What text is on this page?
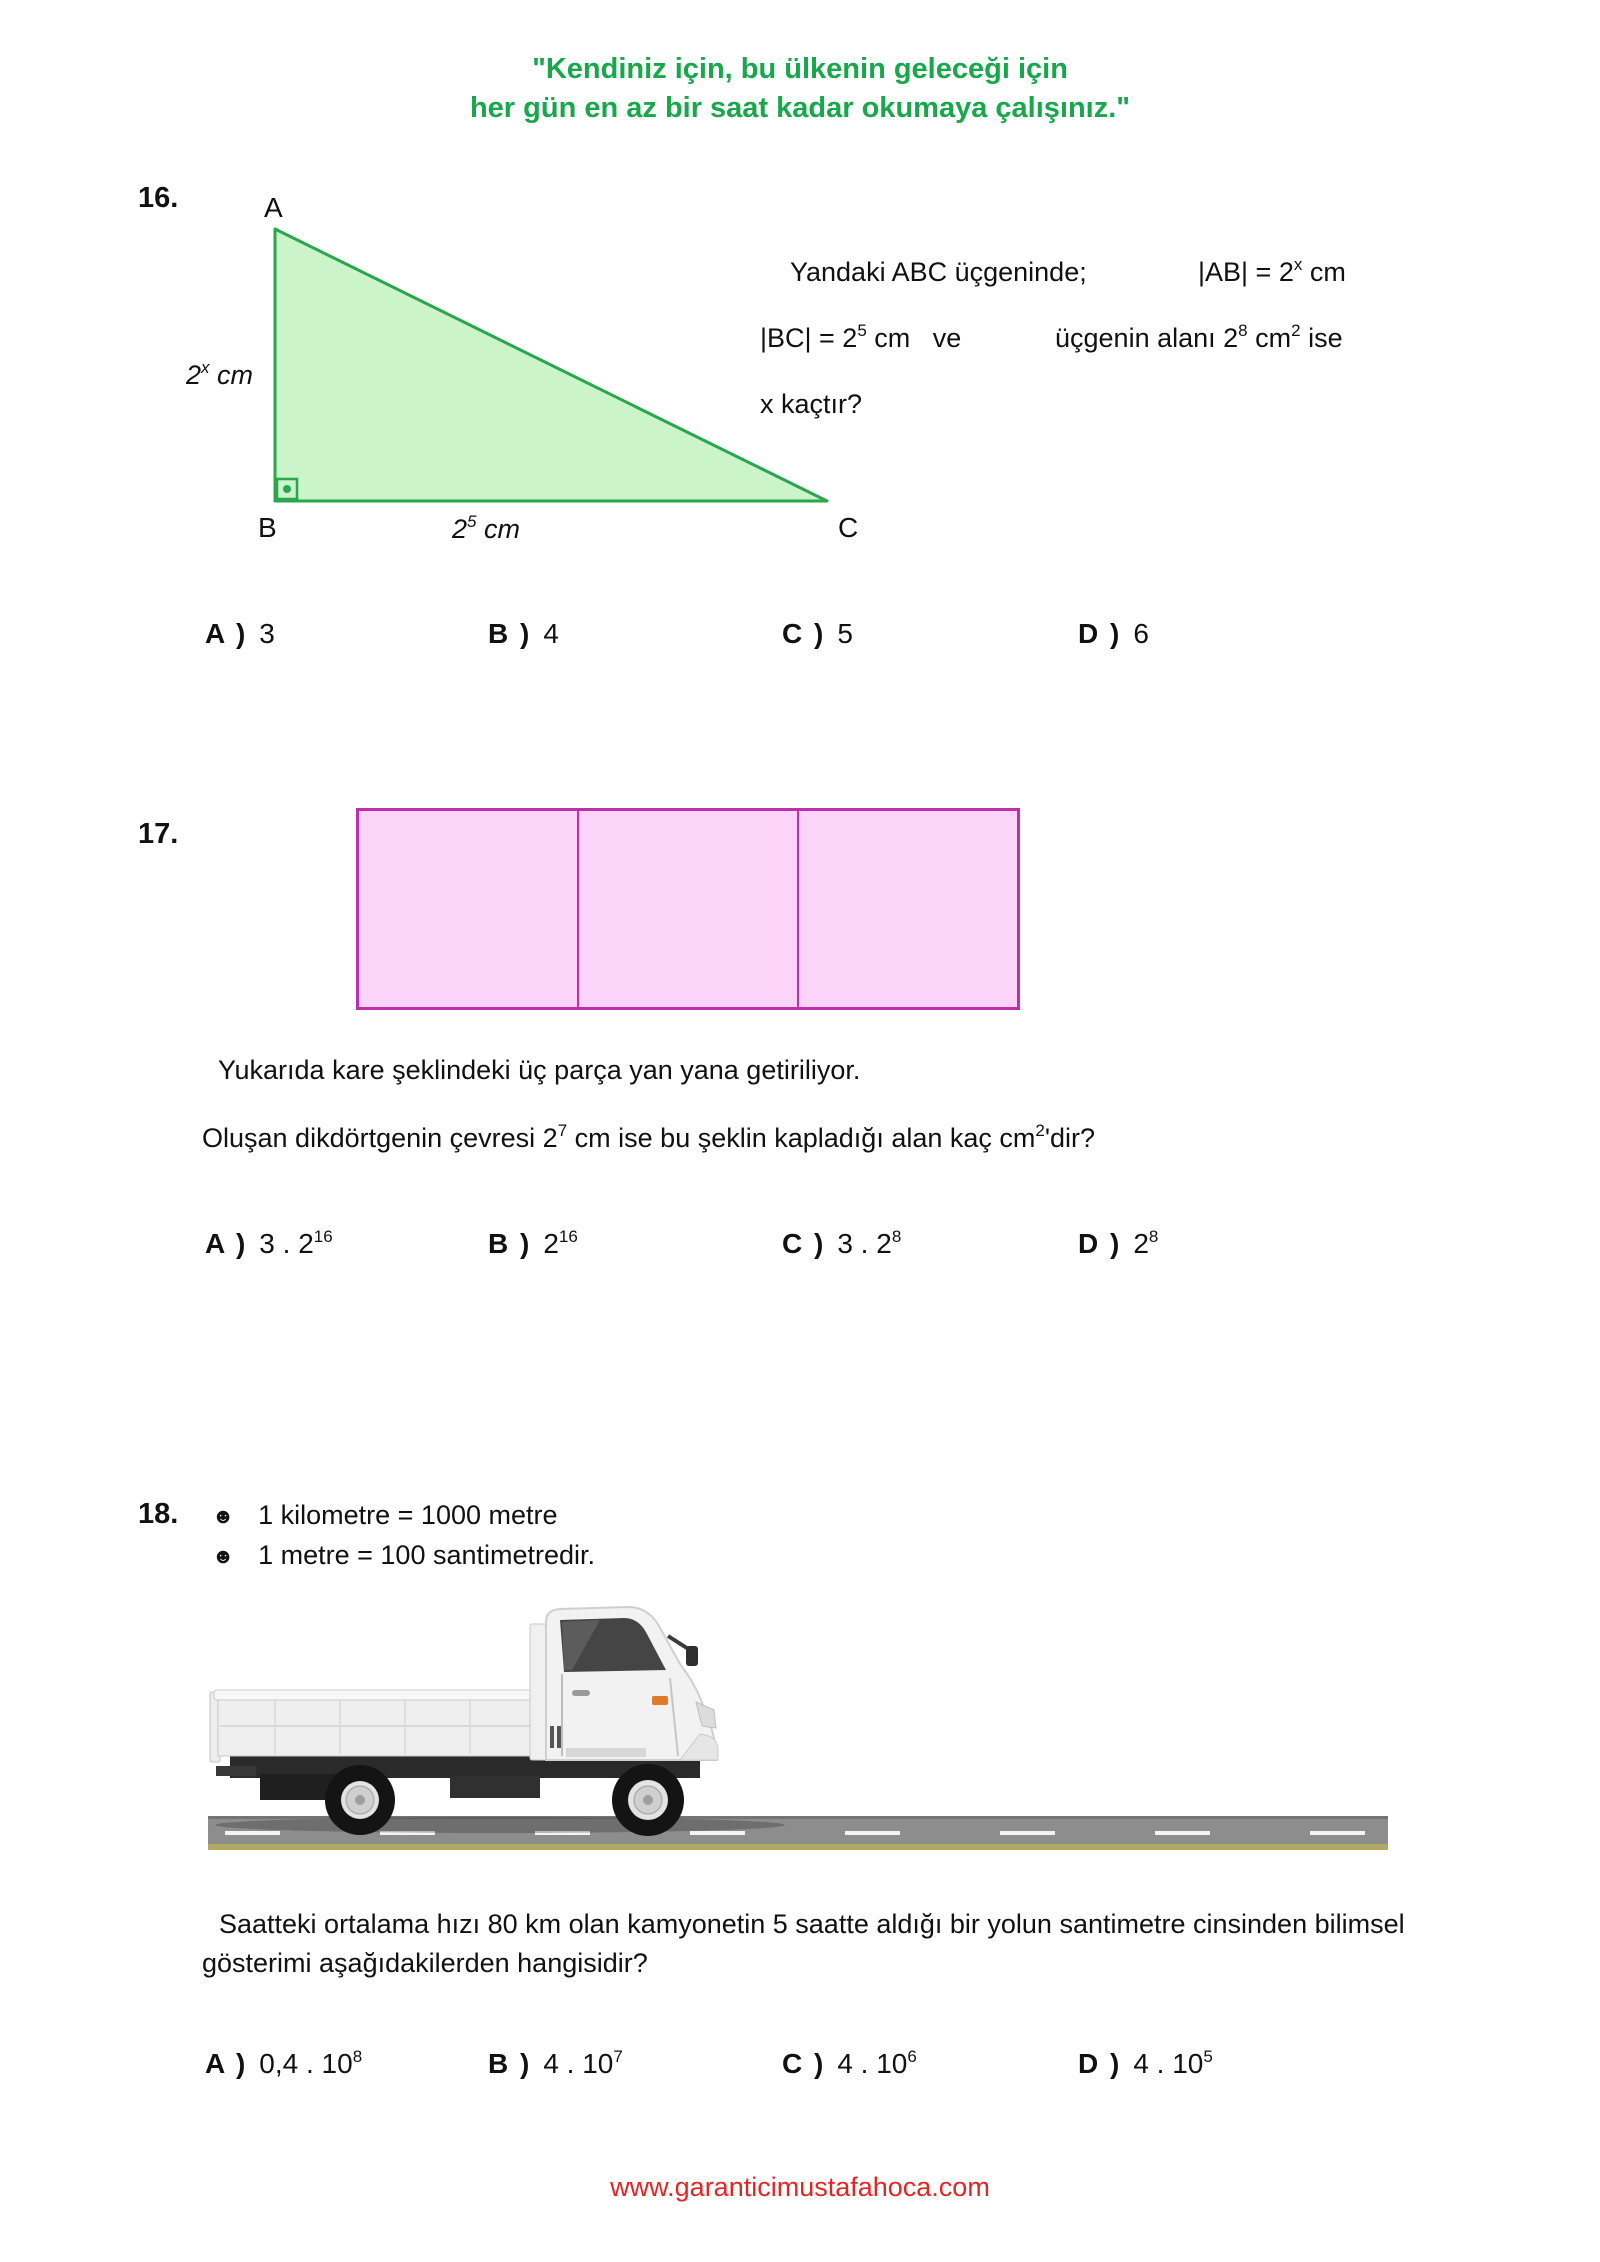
"Kendiniz için, bu ülkenin geleceği için
her gün en az bir saat kadar okumaya çalışınız."
16.	A
B	C
2$^x$ cm
$2^5$ cm
Yandaki ABC üçgeninde;	$|AB| = 2^x$ cm
$|BC| = 2^5$ cm   ve	üçgenin alanı $2^8$ $cm^2$ ise
x kaçtır?
A ) 3	B ) 4	C ) 5	D ) 6
17.
Yukarıda kare şeklindeki üç parça yan yana getiriliyor.
Oluşan dikdörtgenin çevresi $2^7$ cm ise bu şeklin kapladığı alan kaç $cm^2'dir$?
A ) 3 . $2^{16}$	B ) $2^{16}$	C ) 3 . $2^8$	D ) $2^8$
18. ☻ 1 kilometre = 1000 metre
☻ 1 metre = 100 santimetredir.
Saatteki ortalama hızı 80 km olan kamyonetin 5 saatte aldığı bir yolun santimetre cinsinden bilimsel
gösterimi aşağıdakilerden hangisidir?
A ) 0,4 . $10^8$	B ) 4 . $10^7$	C ) 4 . $10^6$	D ) 4 . $10^5$
www.garanticimustafahoca.com
